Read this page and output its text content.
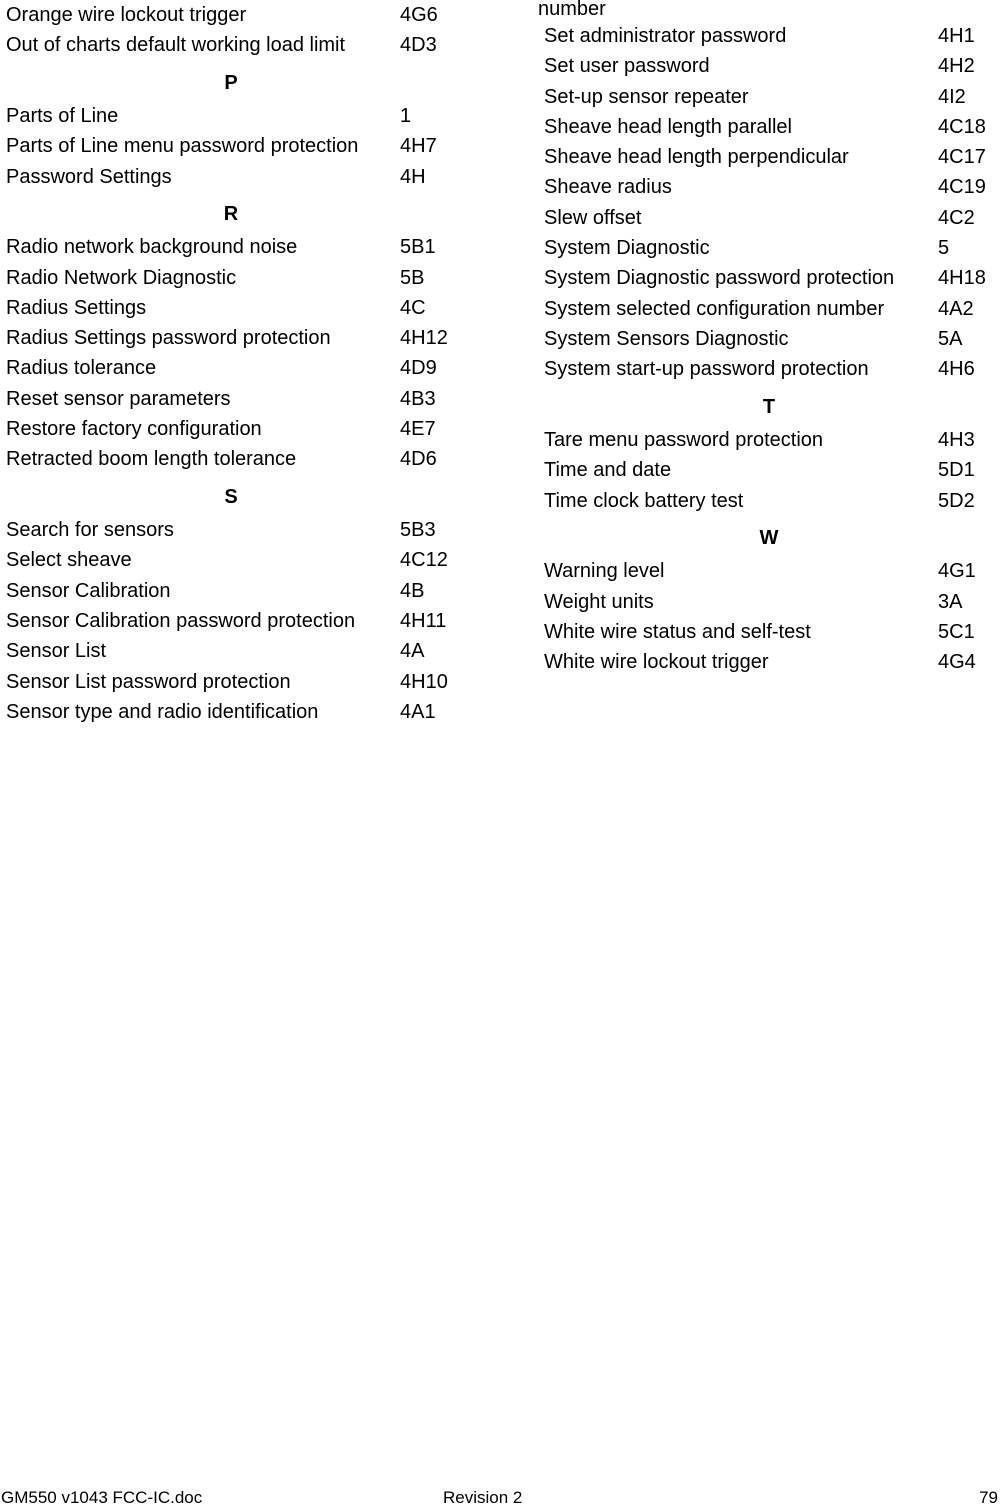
Orange wire lockout trigger	4G6
Out of charts default working load limit	4D3
P
Parts of Line	1
Parts of Line menu password protection 4H7
Password Settings	4H
R
Radio network background noise	5B1
Radio Network Diagnostic	5B
Radius Settings	4C
Radius Settings password protection	4H12
Radius tolerance	4D9
Reset sensor parameters	4B3
Restore factory configuration	4E7
Retracted boom length tolerance	4D6
S
Search for sensors	5B3
Select sheave	4C12
Sensor Calibration	4B
Sensor Calibration password protection 4H11
Sensor List	4A
Sensor List password protection	4H10
Sensor type and radio identification	4A1
number
Set administrator password	4H1
Set user password	4H2
Set-up sensor repeater	4I2
Sheave head length parallel	4C18
Sheave head length perpendicular	4C17
Sheave radius	4C19
Slew offset	4C2
System Diagnostic	5
System Diagnostic password protection 4H18
System selected configuration number	4A2
System Sensors Diagnostic	5A
System start-up password protection	4H6
T
Tare menu password protection	4H3
Time and date	5D1
Time clock battery test	5D2
W
Warning level	4G1
Weight units	3A
White wire status and self-test	5C1
White wire lockout trigger	4G4
GM550 v1043 FCC-IC.doc	Revision 2	79
